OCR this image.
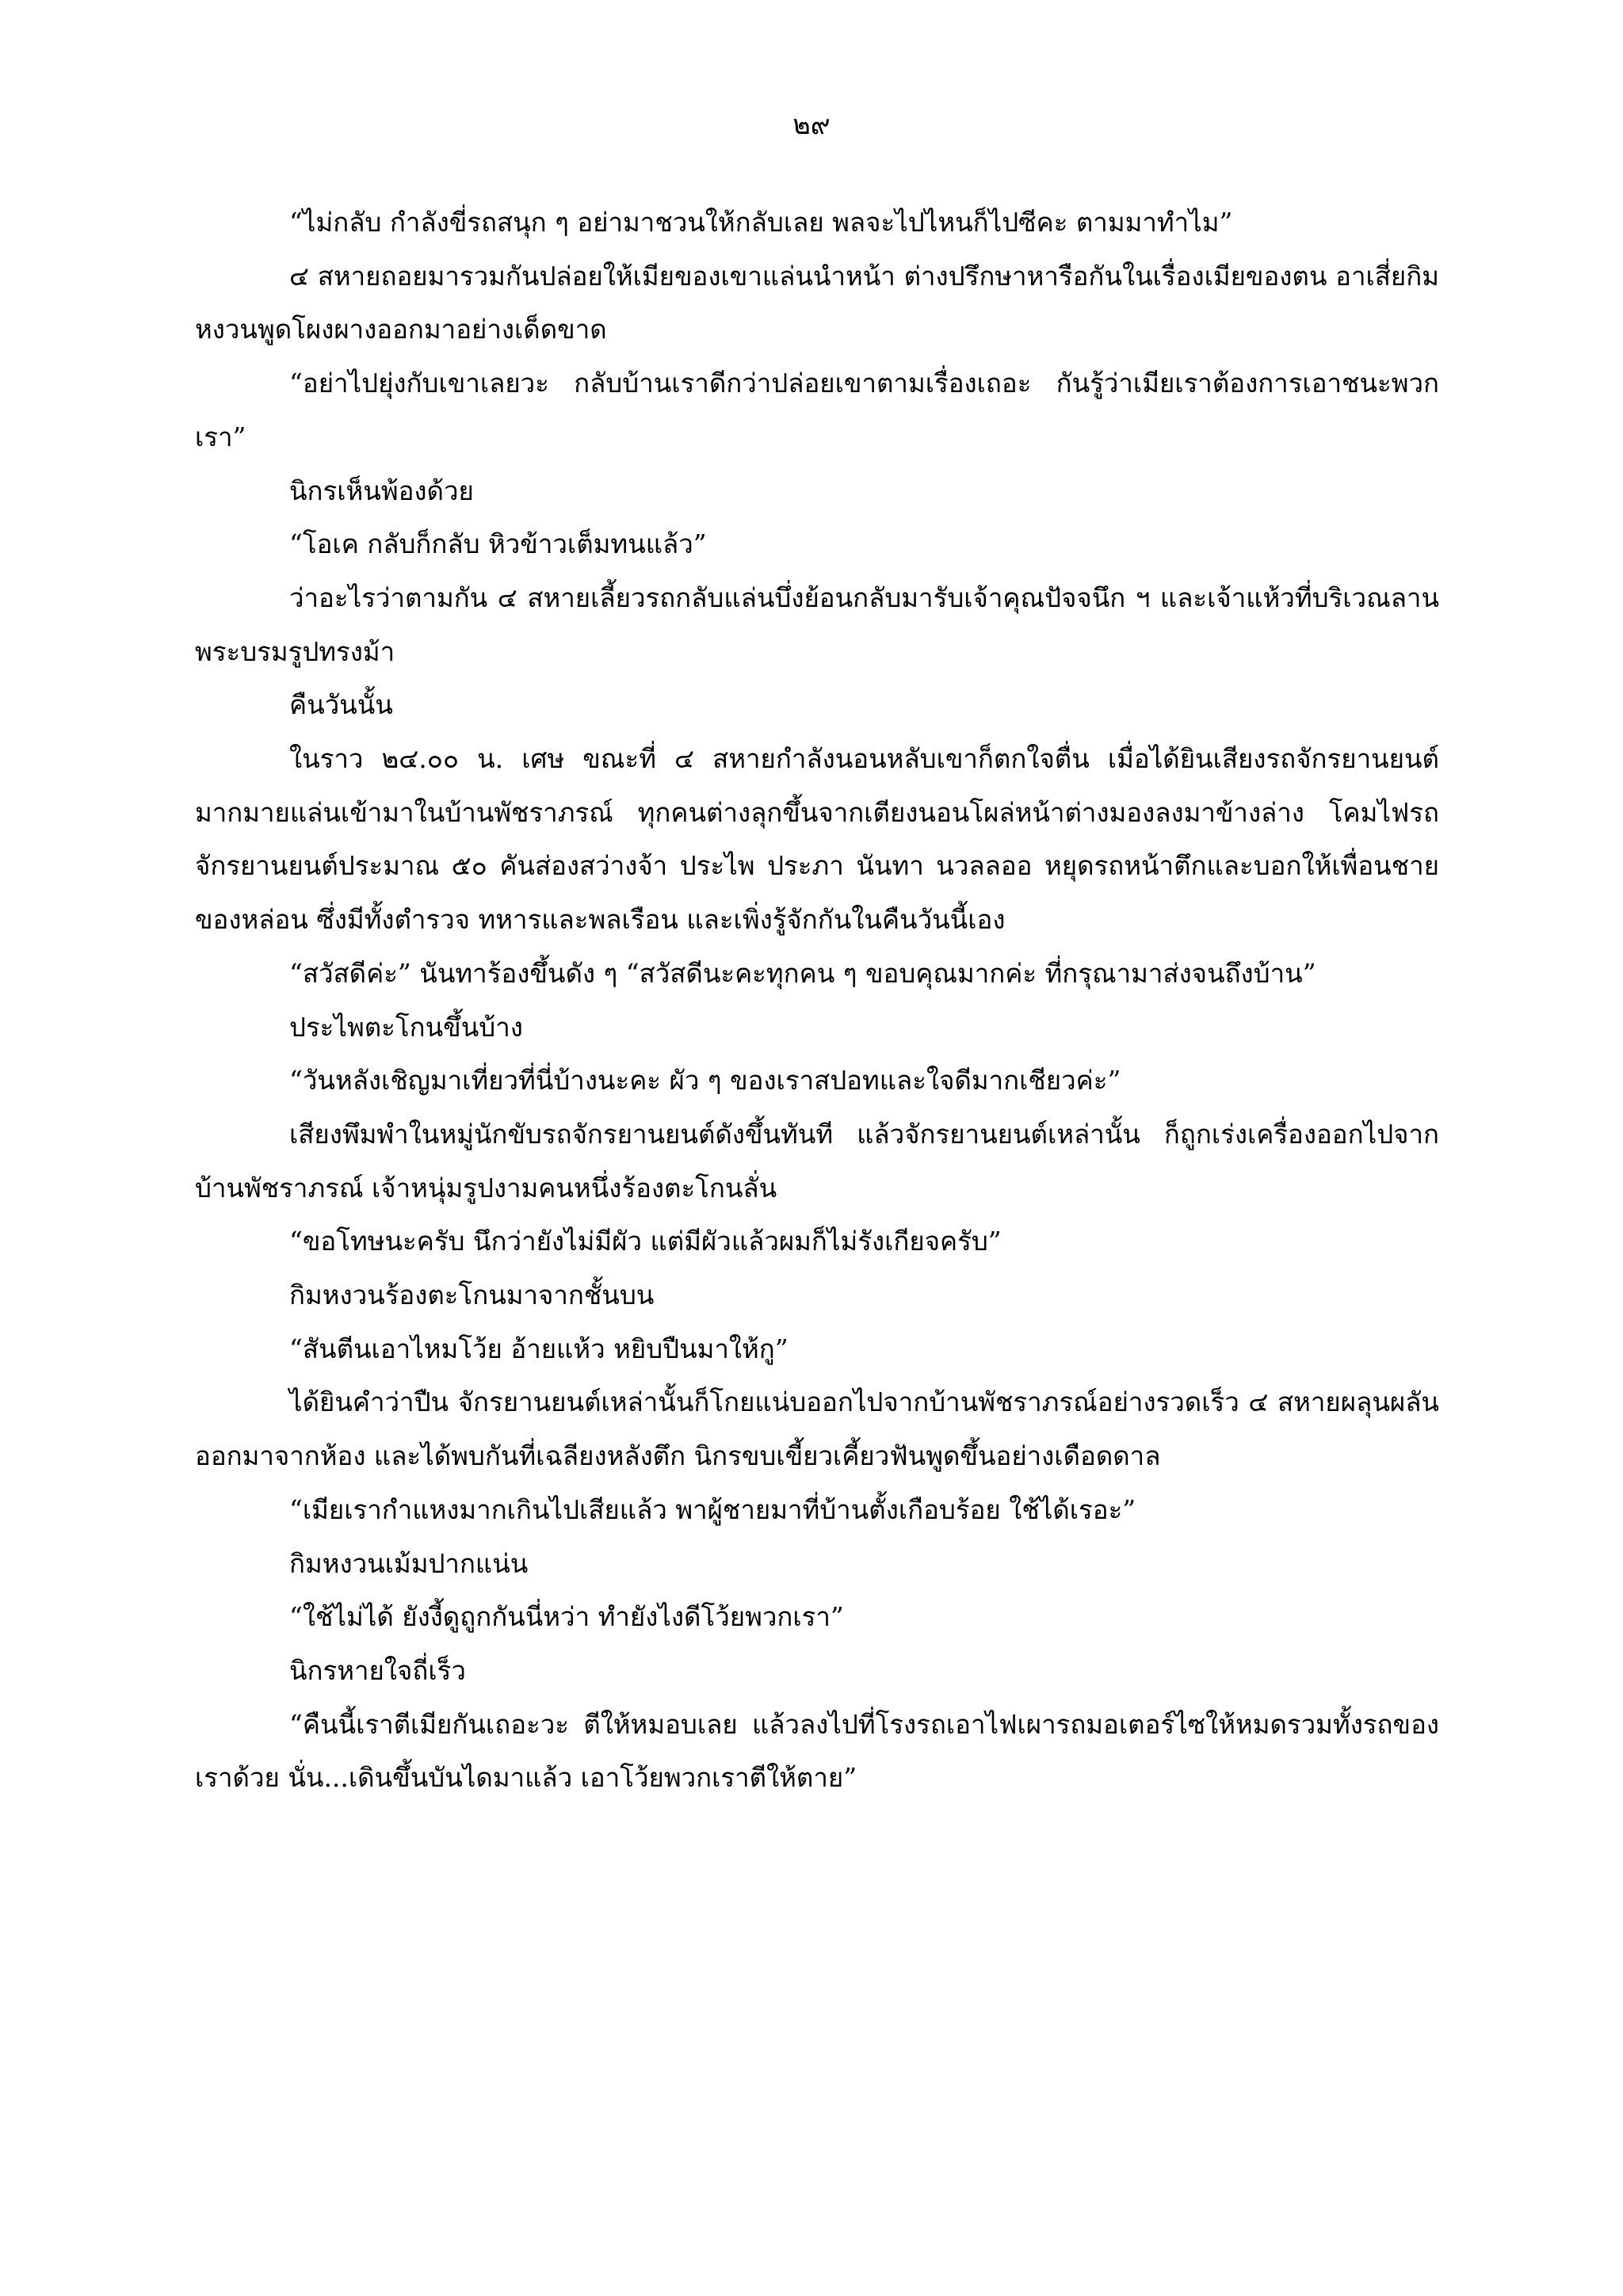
๒๙

“ไม่กลับ กำลังขี่รถสนุก ๆ อย่ามาชวนให้กลับเลย พลจะไปไหนก็ไปซีคะ ตามมาทำไม”

๔ สหายถอยมารวมกันปล่อยให้เมียของเขาแล่นนำหน้า ต่างปรึกษาหารือกันในเรื่องเมียของตน อาเสี่ยกิมหงวนพูดโผงผางออกมาอย่างเด็ดขาด

“อย่าไปยุ่งกับเขาเลยวะ กลับบ้านเราดีกว่าปล่อยเขาตามเรื่องเถอะ กันรู้ว่าเมียเราต้องการเอาชนะพวกเรา”

นิกรเห็นพ้องด้วย

“โอเค กลับก็กลับ หิวข้าวเต็มทนแล้ว”

ว่าอะไรว่าตามกัน ๔ สหายเลี้ยวรถกลับแล่นบึ่งย้อนกลับมารับเจ้าคุณปัจจนึก ฯ และเจ้าแห้วที่บริเวณลานพระบรมรูปทรงม้า

คืนวันนั้น

ในราว ๒๔.๐๐ น. เศษ ขณะที่ ๔ สหายกำลังนอนหลับเขาก็ตกใจตื่น เมื่อได้ยินเสียงรถจักรยานยนต์มากมายแล่นเข้ามาในบ้านพัชราภรณ์ ทุกคนต่างลุกขึ้นจากเตียงนอนโผล่หน้าต่างมองลงมาข้างล่าง โคมไฟรถจักรยานยนต์ประมาณ ๕๐ คันส่องสว่างจ้า ประไพ ประภา นันทา นวลลออ หยุดรถหน้าตึกและบอกให้เพื่อนชายของหล่อน ซึ่งมีทั้งตำรวจ ทหารและพลเรือน และเพิ่งรู้จักกันในคืนวันนี้เอง

“สวัสดีค่ะ” นันทาร้องขึ้นดัง ๆ “สวัสดีนะคะทุกคน ๆ ขอบคุณมากค่ะ ที่กรุณามาส่งจนถึงบ้าน”

ประไพตะโกนขึ้นบ้าง

“วันหลังเชิญมาเที่ยวที่นี่บ้างนะคะ ผัว ๆ ของเราสปอทและใจดีมากเชียวค่ะ”

เสียงพึมพำในหมู่นักขับรถจักรยานยนต์ดังขึ้นทันที แล้วจักรยานยนต์เหล่านั้น ก็ถูกเร่งเครื่องออกไปจากบ้านพัชราภรณ์ เจ้าหนุ่มรูปงามคนหนึ่งร้องตะโกนลั่น

“ขอโทษนะครับ นึกว่ายังไม่มีผัว แต่มีผัวแล้วผมก็ไม่รังเกียจครับ”

กิมหงวนร้องตะโกนมาจากชั้นบน

“สันตีนเอาไหมโว้ย อ้ายแห้ว หยิบปืนมาให้กู”

ได้ยินคำว่าปืน จักรยานยนต์เหล่านั้นก็โกยแน่บออกไปจากบ้านพัชราภรณ์อย่างรวดเร็ว ๔ สหายผลุนผลันออกมาจากห้อง และได้พบกันที่เฉลียงหลังตึก นิกรขบเขี้ยวเคี้ยวฟันพูดขึ้นอย่างเดือดดาล

“เมียเรากำแหงมากเกินไปเสียแล้ว พาผู้ชายมาที่บ้านตั้งเกือบร้อย ใช้ได้เรอะ”

กิมหงวนเม้มปากแน่น

“ใช้ไม่ได้ ยังงี้ดูถูกกันนี่หว่า ทำยังไงดีโว้ยพวกเรา”

นิกรหายใจถี่เร็ว

“คืนนี้เราตีเมียกันเถอะวะ ตีให้หมอบเลย แล้วลงไปที่โรงรถเอาไฟเผารถมอเตอร์ไซให้หมดรวมทั้งรถของเราด้วย นั่น...เดินขึ้นบันไดมาแล้ว เอาโว้ยพวกเราตีให้ตาย”
